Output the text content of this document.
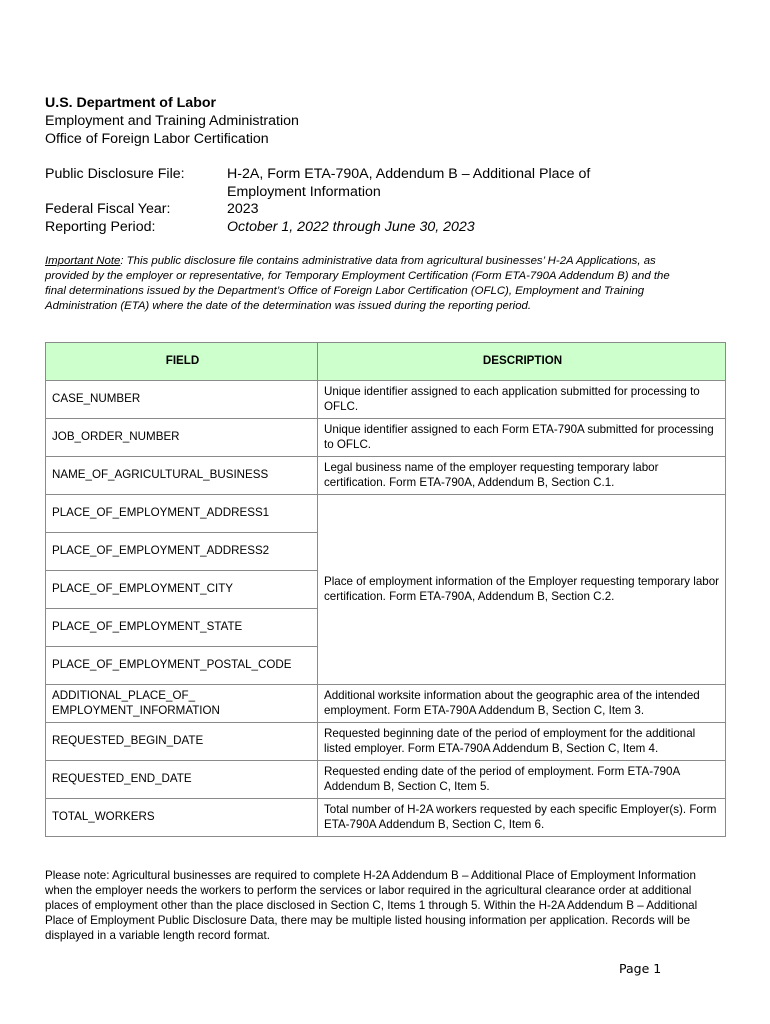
U.S. Department of Labor
Employment and Training Administration
Office of Foreign Labor Certification
Public Disclosure File:	H-2A, Form ETA-790A, Addendum B – Additional Place of
Employment Information
Federal Fiscal Year:	2023
Reporting Period:	October 1, 2022 through June 30, 2023
Important Note: This public disclosure file contains administrative data from agricultural businesses’ H-2A Applications, as provided by the employer or representative, for Temporary Employment Certification (Form ETA-790A Addendum B) and the final determinations issued by the Department’s Office of Foreign Labor Certification (OFLC), Employment and Training Administration (ETA) where the date of the determination was issued during the reporting period.
FIELD	DESCRIPTION
CASE_NUMBER	Unique identifier assigned to each application submitted for processing to OFLC.
JOB_ORDER_NUMBER	Unique identifier assigned to each Form ETA-790A submitted for processing to OFLC.
NAME_OF_AGRICULTURAL_BUSINESS	Legal business name of the employer requesting temporary labor certification. Form ETA-790A, Addendum B, Section C.1.
PLACE_OF_EMPLOYMENT_ADDRESS1	Place of employment information of the Employer requesting temporary labor certification. Form ETA-790A, Addendum B, Section C.2.
PLACE_OF_EMPLOYMENT_ADDRESS2	
PLACE_OF_EMPLOYMENT_CITY	
PLACE_OF_EMPLOYMENT_STATE	
PLACE_OF_EMPLOYMENT_POSTAL_CODE	
ADDITIONAL_PLACE_OF_ EMPLOYMENT_INFORMATION	Additional worksite information about the geographic area of the intended employment. Form ETA-790A Addendum B, Section C, Item 3.
REQUESTED_BEGIN_DATE	Requested beginning date of the period of employment for the additional listed employer. Form ETA-790A Addendum B, Section C, Item 4.
REQUESTED_END_DATE	Requested ending date of the period of employment. Form ETA-790A Addendum B, Section C, Item 5.
TOTAL_WORKERS	Total number of H-2A workers requested by each specific Employer(s). Form ETA-790A Addendum B, Section C, Item 6.
Please note: Agricultural businesses are required to complete H-2A Addendum B – Additional Place of Employment Information when the employer needs the workers to perform the services or labor required in the agricultural clearance order at additional places of employment other than the place disclosed in Section C, Items 1 through 5. Within the H-2A Addendum B – Additional Place of Employment Public Disclosure Data, there may be multiple listed housing information per application. Records will be displayed in a variable length record format.
Page 1
